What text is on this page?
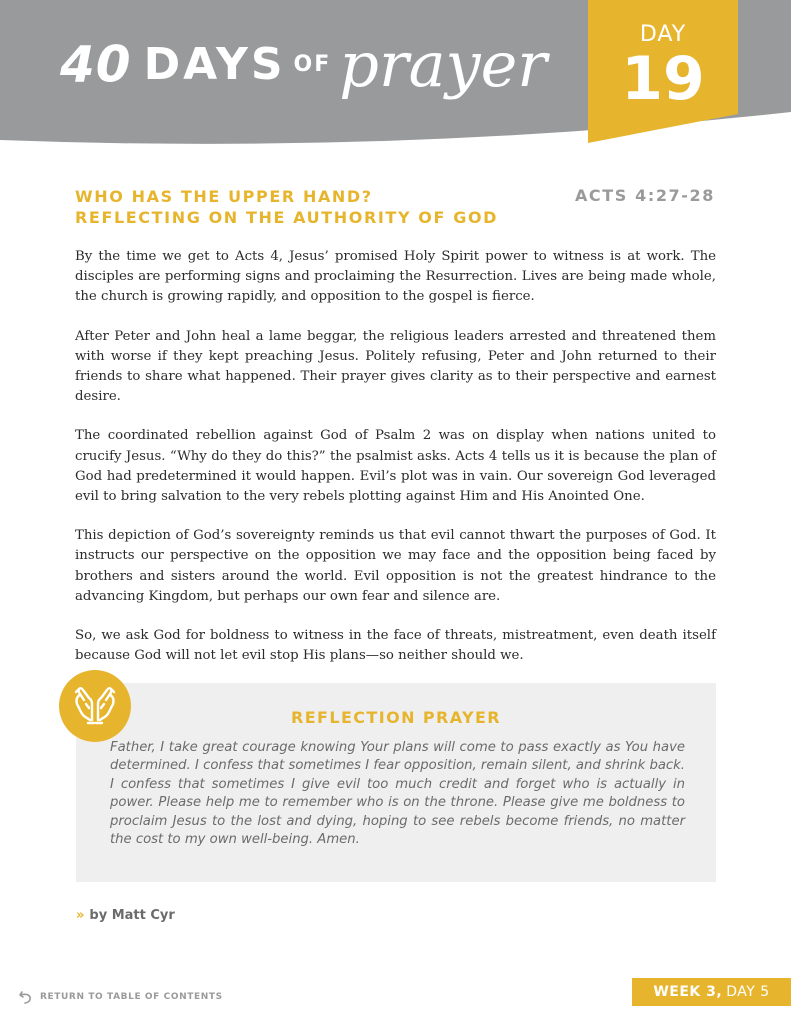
40 DAYS OF prayer	DAY
19
WHO HAS THE UPPER HAND?
REFLECTING ON THE AUTHORITY OF GOD
ACTS 4:27-28

By the time we get to Acts 4, Jesus’ promised Holy Spirit power to witness is at work. The disciples are performing signs and proclaiming the Resurrection. Lives are being made whole, the church is growing rapidly, and opposition to the gospel is fierce.

After Peter and John heal a lame beggar, the religious leaders arrested and threatened them with worse if they kept preaching Jesus. Politely refusing, Peter and John returned to their friends to share what happened. Their prayer gives clarity as to their perspective and earnest desire.

The coordinated rebellion against God of Psalm 2 was on display when nations united to crucify Jesus. “Why do they do this?” the psalmist asks. Acts 4 tells us it is because the plan of God had predetermined it would happen. Evil’s plot was in vain. Our sovereign God leveraged evil to bring salvation to the very rebels plotting against Him and His Anointed One.

This depiction of God’s sovereignty reminds us that evil cannot thwart the purposes of God. It instructs our perspective on the opposition we may face and the opposition being faced by brothers and sisters around the world. Evil opposition is not the greatest hindrance to the advancing Kingdom, but perhaps our own fear and silence are.

So, we ask God for boldness to witness in the face of threats, mistreatment, even death itself because God will not let evil stop His plans—so neither should we.

REFLECTION PRAYER
Father, I take great courage knowing Your plans will come to pass exactly as You have determined. I confess that sometimes I fear opposition, remain silent, and shrink back. I confess that sometimes I give evil too much credit and forget who is actually in power. Please help me to remember who is on the throne. Please give me boldness to proclaim Jesus to the lost and dying, hoping to see rebels become friends, no matter the cost to my own well-being. Amen.
» by Matt Cyr
RETURN TO TABLE OF CONTENTS	WEEK 3, DAY 5
